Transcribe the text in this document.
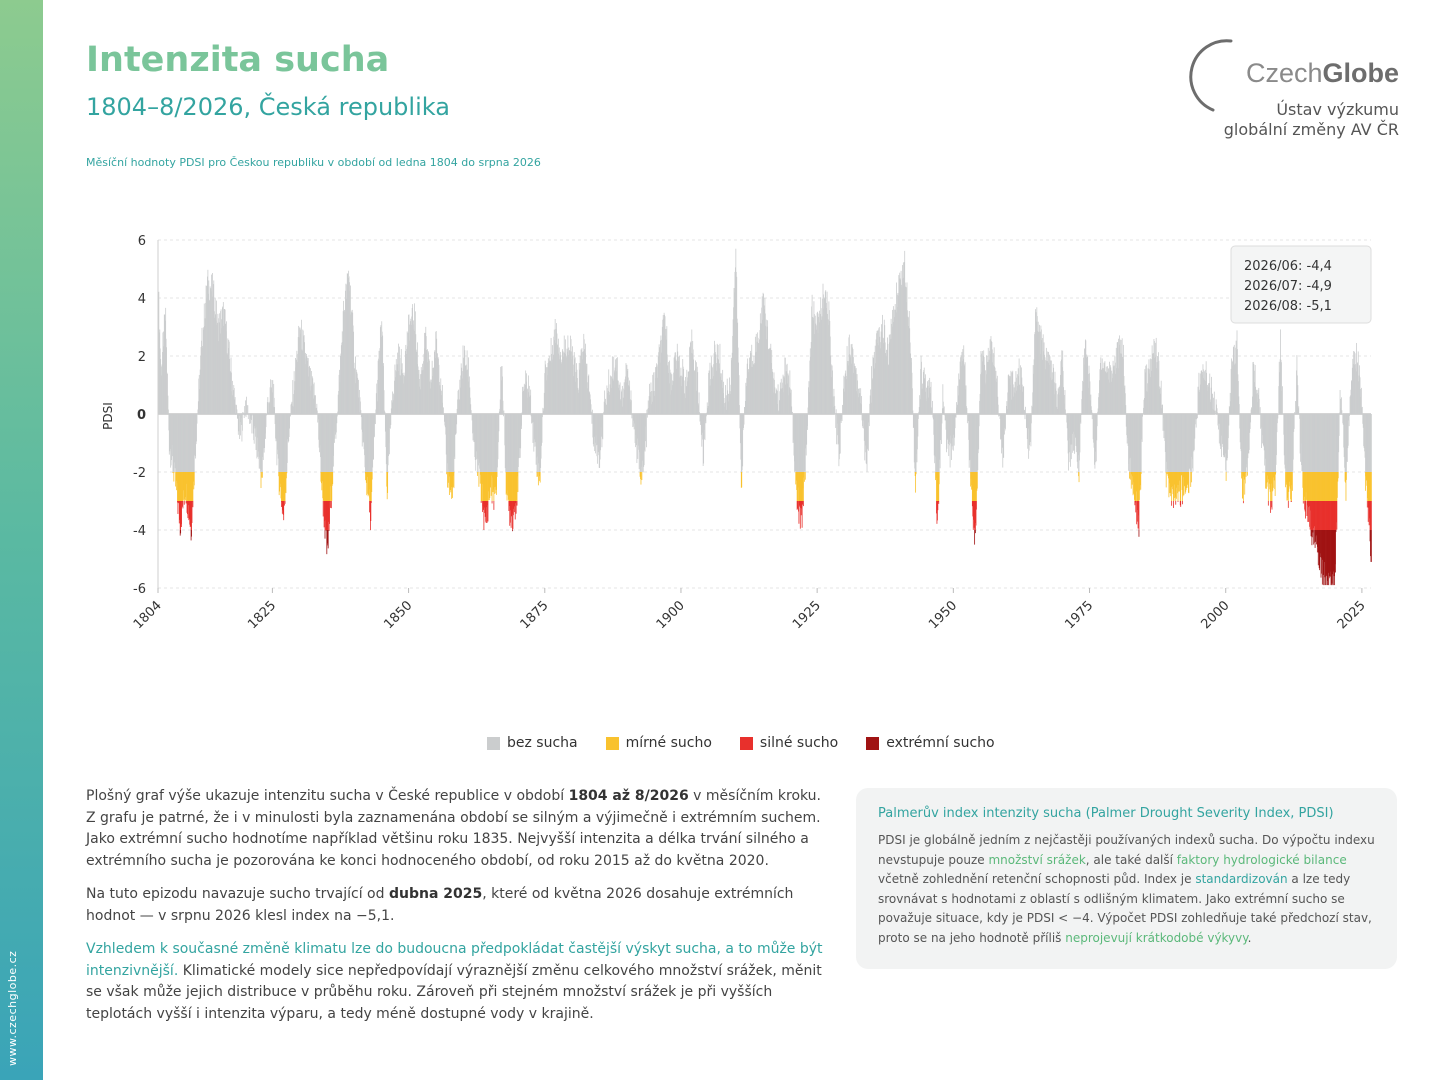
www.czechglobe.cz
Intenzita sucha
1804–8/2026, Česká republika
Měsíční hodnoty PDSI pro Českou republiku v období od ledna 1804 do srpna 2026
CzechGlobe
Ústav výzkumu
globální změny AV ČR
6
4
2
0
-2
-4
-6
PDSI
1804	1825	1850	1875	1900	1925	1950	1975	2000	2025
2026/06: -4,4
2026/07: -4,9
2026/08: -5,1
bez sucha	mírné sucho	silné sucho	extrémní sucho

Plošný graf výše ukazuje intenzitu sucha v České republice v období 1804 až 8/2026 v měsíčním kroku. Z grafu je patrné, že i v minulosti byla zaznamenána období se silným a výjimečně i extrémním suchem. Jako extrémní sucho hodnotíme například většinu roku 1835. Nejvyšší intenzita a délka trvání silného a extrémního sucha je pozorována ke konci hodnoceného období, od roku 2015 až do května 2020.

Na tuto epizodu navazuje sucho trvající od dubna 2025, které od května 2026 dosahuje extrémních hodnot — v srpnu 2026 klesl index na −5,1.

Vzhledem k současné změně klimatu lze do budoucna předpokládat častější výskyt sucha, a to může být intenzivnější. Klimatické modely sice nepředpovídají výraznější změnu celkového množství srážek, měnit se však může jejich distribuce v průběhu roku. Zároveň při stejném množství srážek je při vyšších teplotách vyšší i intenzita výparu, a tedy méně dostupné vody v krajině.

Palmerův index intenzity sucha (Palmer Drought Severity Index, PDSI)
PDSI je globálně jedním z nejčastěji používaných indexů sucha. Do výpočtu indexu nevstupuje pouze množství srážek, ale také další faktory hydrologické bilance včetně zohlednění retenční schopnosti půd. Index je standardizován a lze tedy srovnávat s hodnotami z oblastí s odlišným klimatem. Jako extrémní sucho se považuje situace, kdy je PDSI < −4. Výpočet PDSI zohledňuje také předchozí stav, proto se na jeho hodnotě příliš neprojevují krátkodobé výkyvy.
